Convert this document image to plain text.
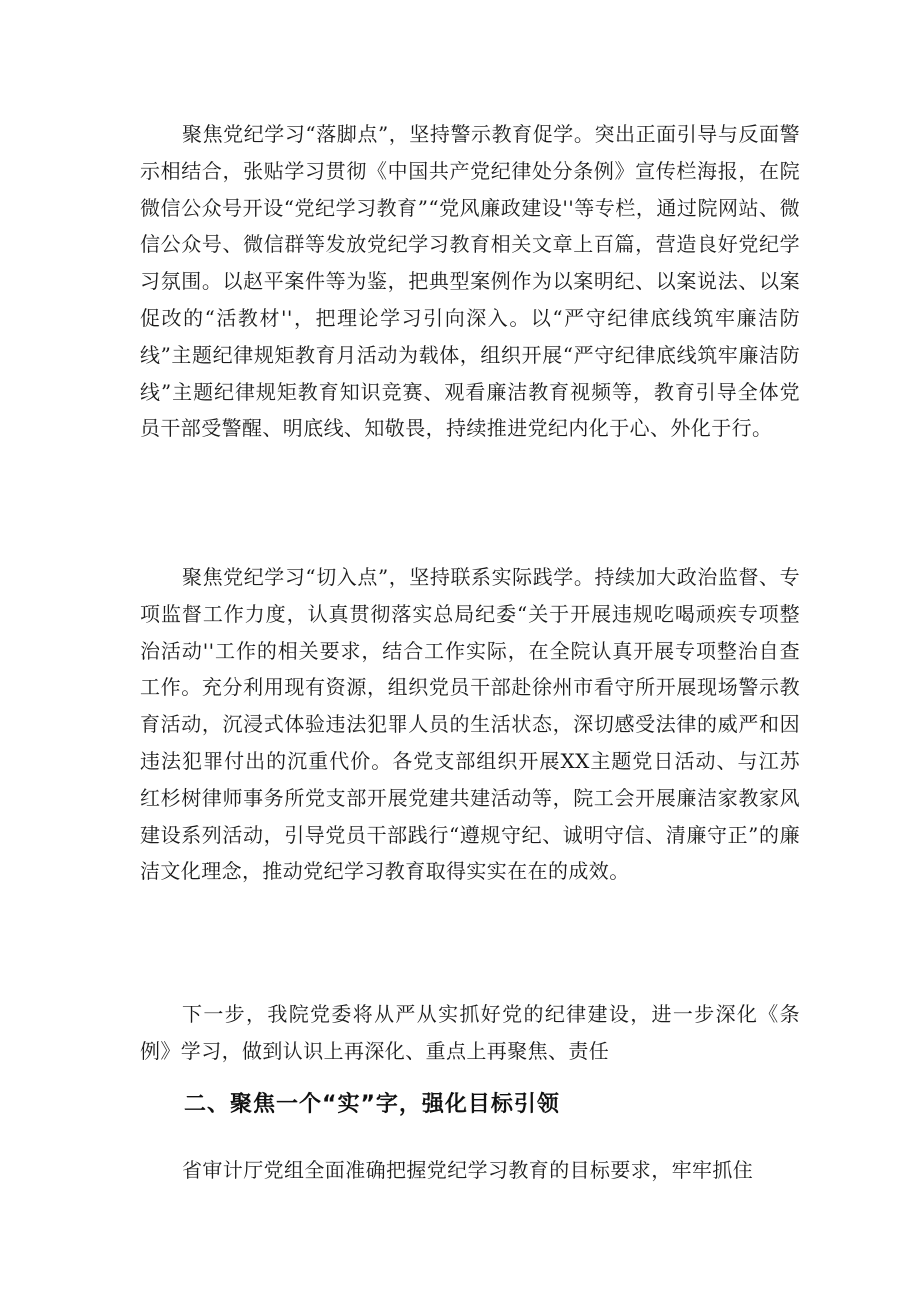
聚焦党纪学习“落脚点”，坚持警示教育促学。突出正面引导与反面警示相结合，张贴学习贯彻《中国共产党纪律处分条例》宣传栏海报，在院微信公众号开设“党纪学习教育”“党风廉政建设''等专栏，通过院网站、微信公众号、微信群等发放党纪学习教育相关文章上百篇，营造良好党纪学习氛围。以赵平案件等为鉴，把典型案例作为以案明纪、以案说法、以案促改的“活教材''，把理论学习引向深入。以“严守纪律底线筑牢廉洁防线”主题纪律规矩教育月活动为载体，组织开展“严守纪律底线筑牢廉洁防线”主题纪律规矩教育知识竞赛、观看廉洁教育视频等，教育引导全体党员干部受警醒、明底线、知敬畏，持续推进党纪内化于心、外化于行。

聚焦党纪学习“切入点”，坚持联系实际践学。持续加大政治监督、专项监督工作力度，认真贯彻落实总局纪委“关于开展违规吃喝顽疾专项整治活动''工作的相关要求，结合工作实际，在全院认真开展专项整治自查工作。充分利用现有资源，组织党员干部赴徐州市看守所开展现场警示教育活动，沉浸式体验违法犯罪人员的生活状态，深切感受法律的威严和因违法犯罪付出的沉重代价。各党支部组织开展XX主题党日活动、与江苏红杉树律师事务所党支部开展党建共建活动等，院工会开展廉洁家教家风建设系列活动，引导党员干部践行“遵规守纪、诚明守信、清廉守正”的廉洁文化理念，推动党纪学习教育取得实实在在的成效。

下一步，我院党委将从严从实抓好党的纪律建设，进一步深化《条例》学习，做到认识上再深化、重点上再聚焦、责任

二、聚焦一个“实”字，强化目标引领

省审计厅党组全面准确把握党纪学习教育的目标要求，牢牢抓住
